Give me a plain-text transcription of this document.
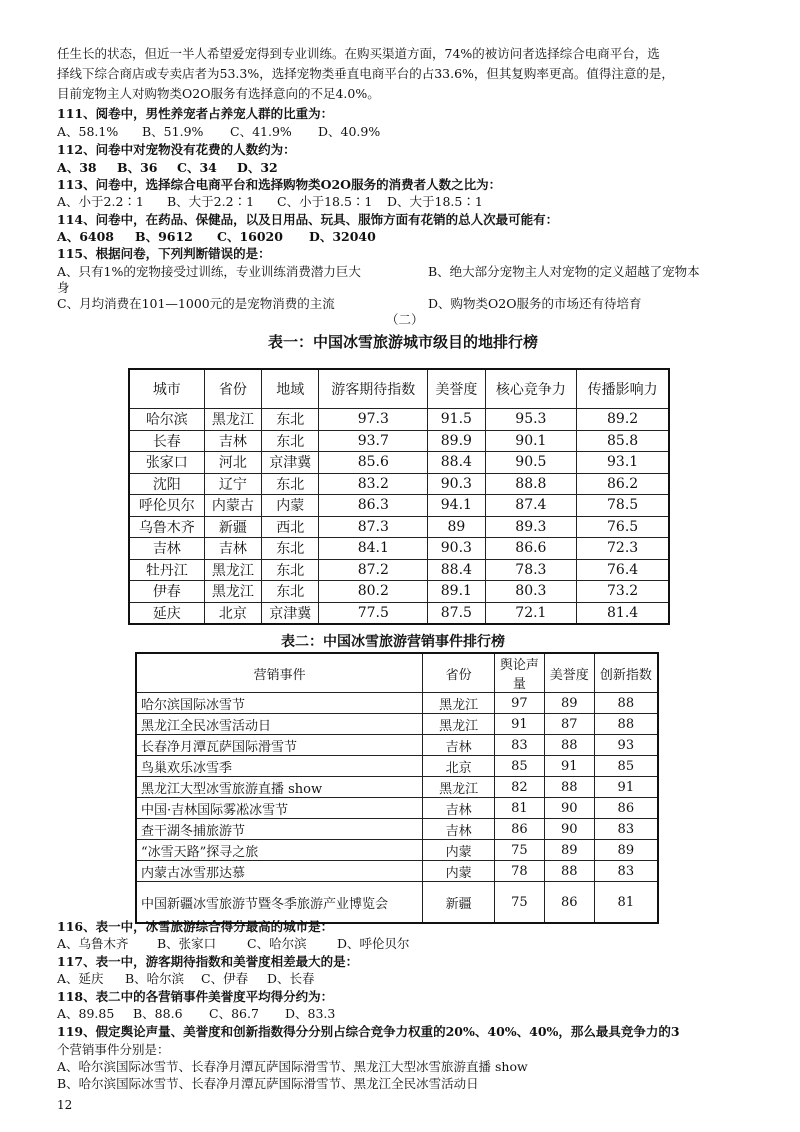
任生长的状态，但近一半人希望爱宠得到专业训练。在购买渠道方面，74%的被访问者选择综合电商平台，选
择线下综合商店或专卖店者为53.3%，选择宠物类垂直电商平台的占33.6%，但其复购率更高。值得注意的是，
目前宠物主人对购物类O2O服务有选择意向的不足4.0%。
111、阅卷中，男性养宠者占养宠人群的比重为：
A、58.1% B、51.9% C、41.9% D、40.9%
112、问卷中对宠物没有花费的人数约为：
A、38 B、36 C、34 D、32
113、问卷中，选择综合电商平台和选择购物类O2O服务的消费者人数之比为：
A、小于2.2∶1 B、大于2.2∶1 C、小于18.5∶1 D、大于18.5∶1
114、问卷中，在药品、保健品，以及日用品、玩具、服饰方面有花销的总人次最可能有：
A、6408 B、9612 C、16020 D、32040
115、根据问卷，下列判断错误的是：
A、只有1%的宠物接受过训练，专业训练消费潜力巨大	B、绝大部分宠物主人对宠物的定义超越了宠物本
身
C、月均消费在101—1000元的是宠物消费的主流	D、购物类O2O服务的市场还有待培育
（二）
表一：中国冰雪旅游城市级目的地排行榜
城市	省份	地域	游客期待指数	美誉度	核心竞争力	传播影响力
哈尔滨	黑龙江	东北	97.3	91.5	95.3	89.2
长春	吉林	东北	93.7	89.9	90.1	85.8
张家口	河北	京津冀	85.6	88.4	90.5	93.1
沈阳	辽宁	东北	83.2	90.3	88.8	86.2
呼伦贝尔	内蒙古	内蒙	86.3	94.1	87.4	78.5
乌鲁木齐	新疆	西北	87.3	89	89.3	76.5
吉林	吉林	东北	84.1	90.3	86.6	72.3
牡丹江	黑龙江	东北	87.2	88.4	78.3	76.4
伊春	黑龙江	东北	80.2	89.1	80.3	73.2
延庆	北京	京津冀	77.5	87.5	72.1	81.4
表二：中国冰雪旅游营销事件排行榜
营销事件	省份	舆论声量	美誉度	创新指数
哈尔滨国际冰雪节	黑龙江	97	89	88
黑龙江全民冰雪活动日	黑龙江	91	87	88
长春净月潭瓦萨国际滑雪节	吉林	83	88	93
鸟巢欢乐冰雪季	北京	85	91	85
黑龙江大型冰雪旅游直播 show	黑龙江	82	88	91
中国·吉林国际雾凇冰雪节	吉林	81	90	86
查干湖冬捕旅游节	吉林	86	90	83
“冰雪天路”探寻之旅	内蒙	75	89	89
内蒙古冰雪那达慕	内蒙	78	88	83
中国新疆冰雪旅游节暨冬季旅游产业博览会	新疆	75	86	81
116、表一中，冰雪旅游综合得分最高的城市是：
A、乌鲁木齐 B、张家口 C、哈尔滨 D、呼伦贝尔
117、表一中，游客期待指数和美誉度相差最大的是：
A、延庆 B、哈尔滨 C、伊春 D、长春
118、表二中的各营销事件美誉度平均得分约为：
A、89.85 B、88.6 C、86.7 D、83.3
119、假定舆论声量、美誉度和创新指数得分分别占综合竞争力权重的20%、40%、40%，那么最具竞争力的3
个营销事件分别是：
A、哈尔滨国际冰雪节、长春净月潭瓦萨国际滑雪节、黑龙江大型冰雪旅游直播 show
B、哈尔滨国际冰雪节、长春净月潭瓦萨国际滑雪节、黑龙江全民冰雪活动日
12
